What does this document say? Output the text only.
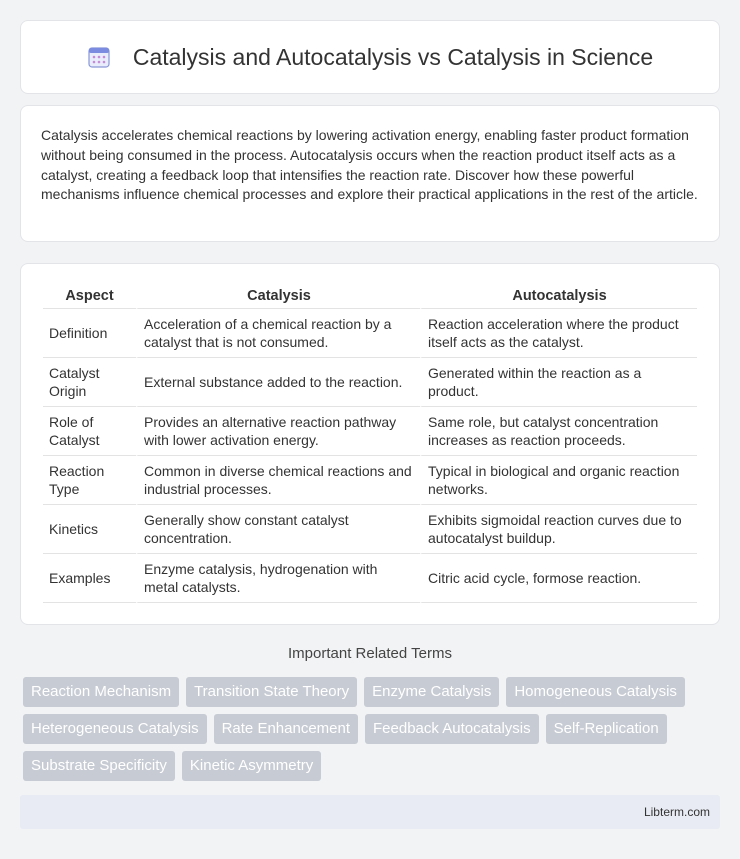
Catalysis and Autocatalysis vs Catalysis in Science

Catalysis accelerates chemical reactions by lowering activation energy, enabling faster product formation without being consumed in the process. Autocatalysis occurs when the reaction product itself acts as a catalyst, creating a feedback loop that intensifies the reaction rate. Discover how these powerful mechanisms influence chemical processes and explore their practical applications in the rest of the article.

Aspect	Catalysis	Autocatalysis
Definition	Acceleration of a chemical reaction by a catalyst that is not consumed.	Reaction acceleration where the product itself acts as the catalyst.
Catalyst Origin	External substance added to the reaction.	Generated within the reaction as a product.
Role of Catalyst	Provides an alternative reaction pathway with lower activation energy.	Same role, but catalyst concentration increases as reaction proceeds.
Reaction Type	Common in diverse chemical reactions and industrial processes.	Typical in biological and organic reaction networks.
Kinetics	Generally show constant catalyst concentration.	Exhibits sigmoidal reaction curves due to autocatalyst buildup.
Examples	Enzyme catalysis, hydrogenation with metal catalysts.	Citric acid cycle, formose reaction.
Important Related Terms
Reaction Mechanism	Transition State Theory	Enzyme Catalysis	Homogeneous Catalysis
Heterogeneous Catalysis	Rate Enhancement	Feedback Autocatalysis	Self-Replication
Substrate Specificity	Kinetic Asymmetry
Libterm.com
